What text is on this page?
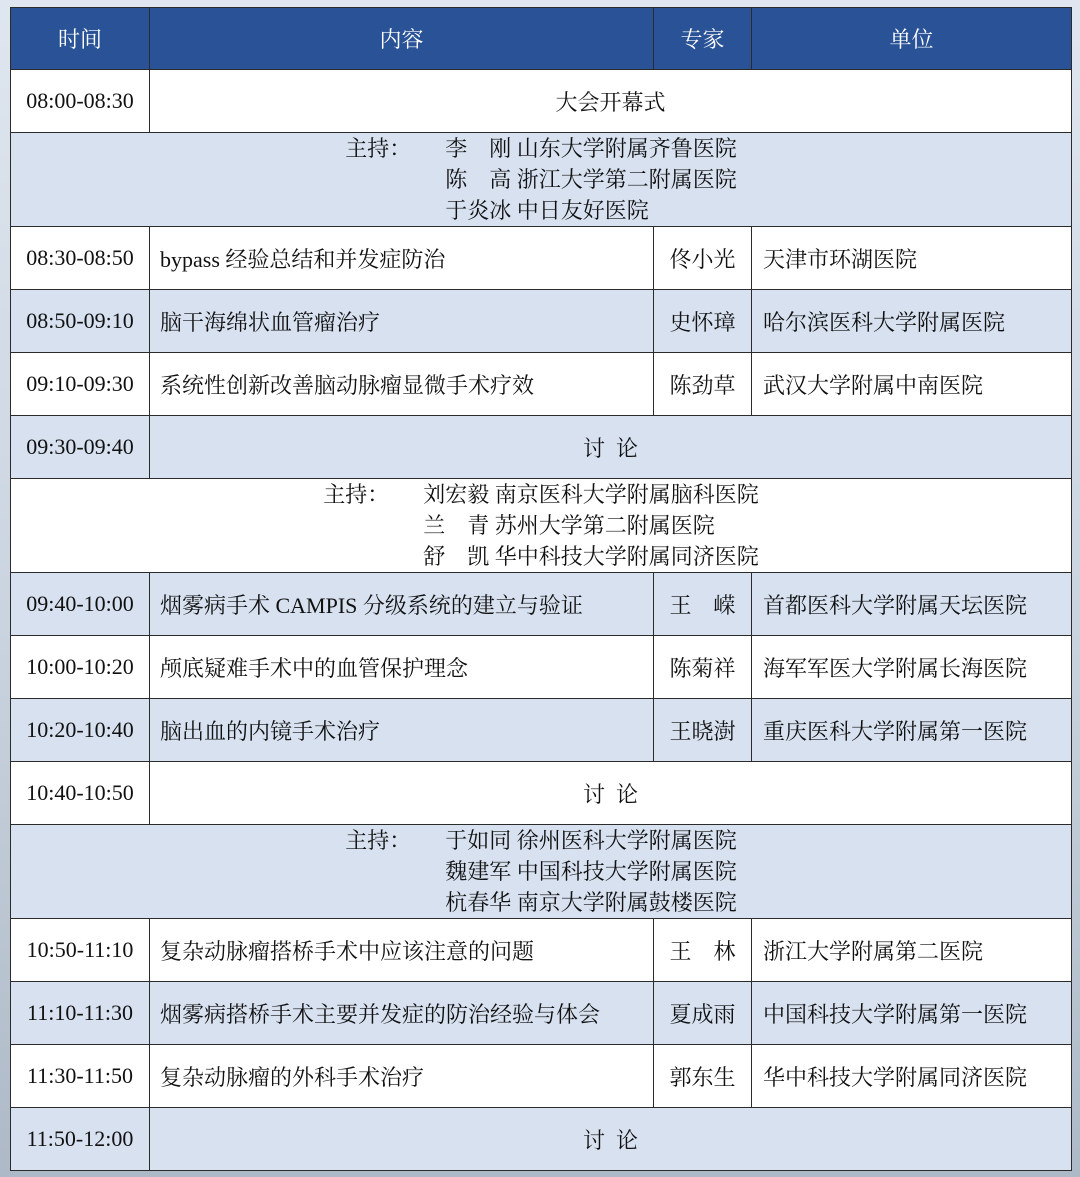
时间	内容	专家	单位
08:00-08:30	大会开幕式		

主持： 李　刚 山东大学附属齐鲁医院
陈　高 浙江大学第二附属医院
于炎冰 中日友好医院			

08:30-08:50	bypass 经验总结和并发症防治	佟小光	天津市环湖医院
08:50-09:10	脑干海绵状血管瘤治疗	史怀璋	哈尔滨医科大学附属医院
09:10-09:30	系统性创新改善脑动脉瘤显微手术疗效	陈劲草	武汉大学附属中南医院
09:30-09:40	讨  论		

主持： 刘宏毅 南京医科大学附属脑科医院
兰　青 苏州大学第二附属医院
舒　凯 华中科技大学附属同济医院			

09:40-10:00	烟雾病手术 CAMPIS 分级系统的建立与验证	王　嵘	首都医科大学附属天坛医院
10:00-10:20	颅底疑难手术中的血管保护理念	陈菊祥	海军军医大学附属长海医院
10:20-10:40	脑出血的内镜手术治疗	王晓澍	重庆医科大学附属第一医院
10:40-10:50	讨  论		

主持： 于如同 徐州医科大学附属医院
魏建军 中国科技大学附属医院
杭春华 南京大学附属鼓楼医院			

10:50-11:10	复杂动脉瘤搭桥手术中应该注意的问题	王　林	浙江大学附属第二医院
11:10-11:30	烟雾病搭桥手术主要并发症的防治经验与体会	夏成雨	中国科技大学附属第一医院
11:30-11:50	复杂动脉瘤的外科手术治疗	郭东生	华中科技大学附属同济医院
11:50-12:00	讨  论		
